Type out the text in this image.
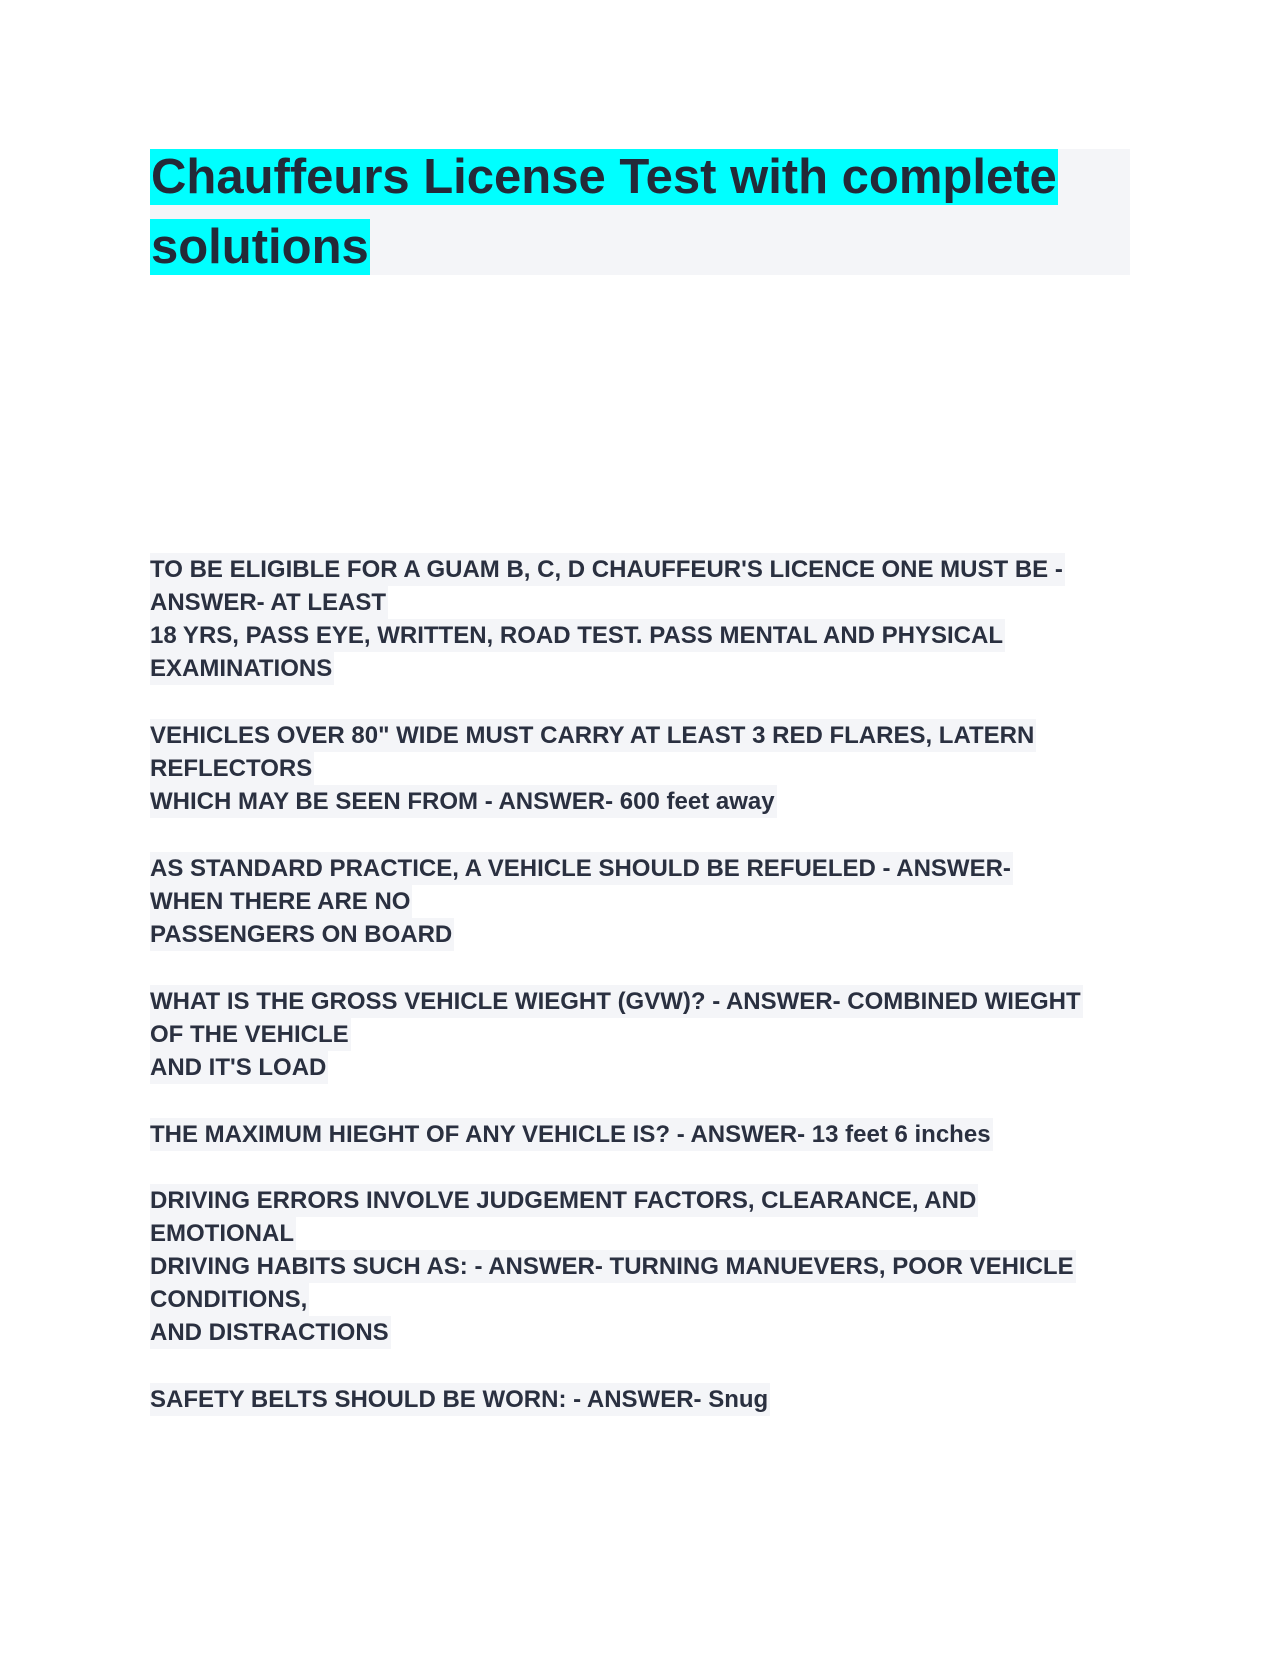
Chauffeurs License Test with complete
solutions
TO BE ELIGIBLE FOR A GUAM B, C, D CHAUFFEUR'S LICENCE ONE MUST BE -
ANSWER- AT LEAST
18 YRS, PASS EYE, WRITTEN, ROAD TEST. PASS MENTAL AND PHYSICAL
EXAMINATIONS
VEHICLES OVER 80" WIDE MUST CARRY AT LEAST 3 RED FLARES, LATERN
REFLECTORS
WHICH MAY BE SEEN FROM - ANSWER- 600 feet away
AS STANDARD PRACTICE, A VEHICLE SHOULD BE REFUELED - ANSWER-
WHEN THERE ARE NO
PASSENGERS ON BOARD
WHAT IS THE GROSS VEHICLE WIEGHT (GVW)? - ANSWER- COMBINED WIEGHT
OF THE VEHICLE
AND IT'S LOAD
THE MAXIMUM HIEGHT OF ANY VEHICLE IS? - ANSWER- 13 feet 6 inches
DRIVING ERRORS INVOLVE JUDGEMENT FACTORS, CLEARANCE, AND
EMOTIONAL
DRIVING HABITS SUCH AS: - ANSWER- TURNING MANUEVERS, POOR VEHICLE
CONDITIONS,
AND DISTRACTIONS
SAFETY BELTS SHOULD BE WORN: - ANSWER- Snug
